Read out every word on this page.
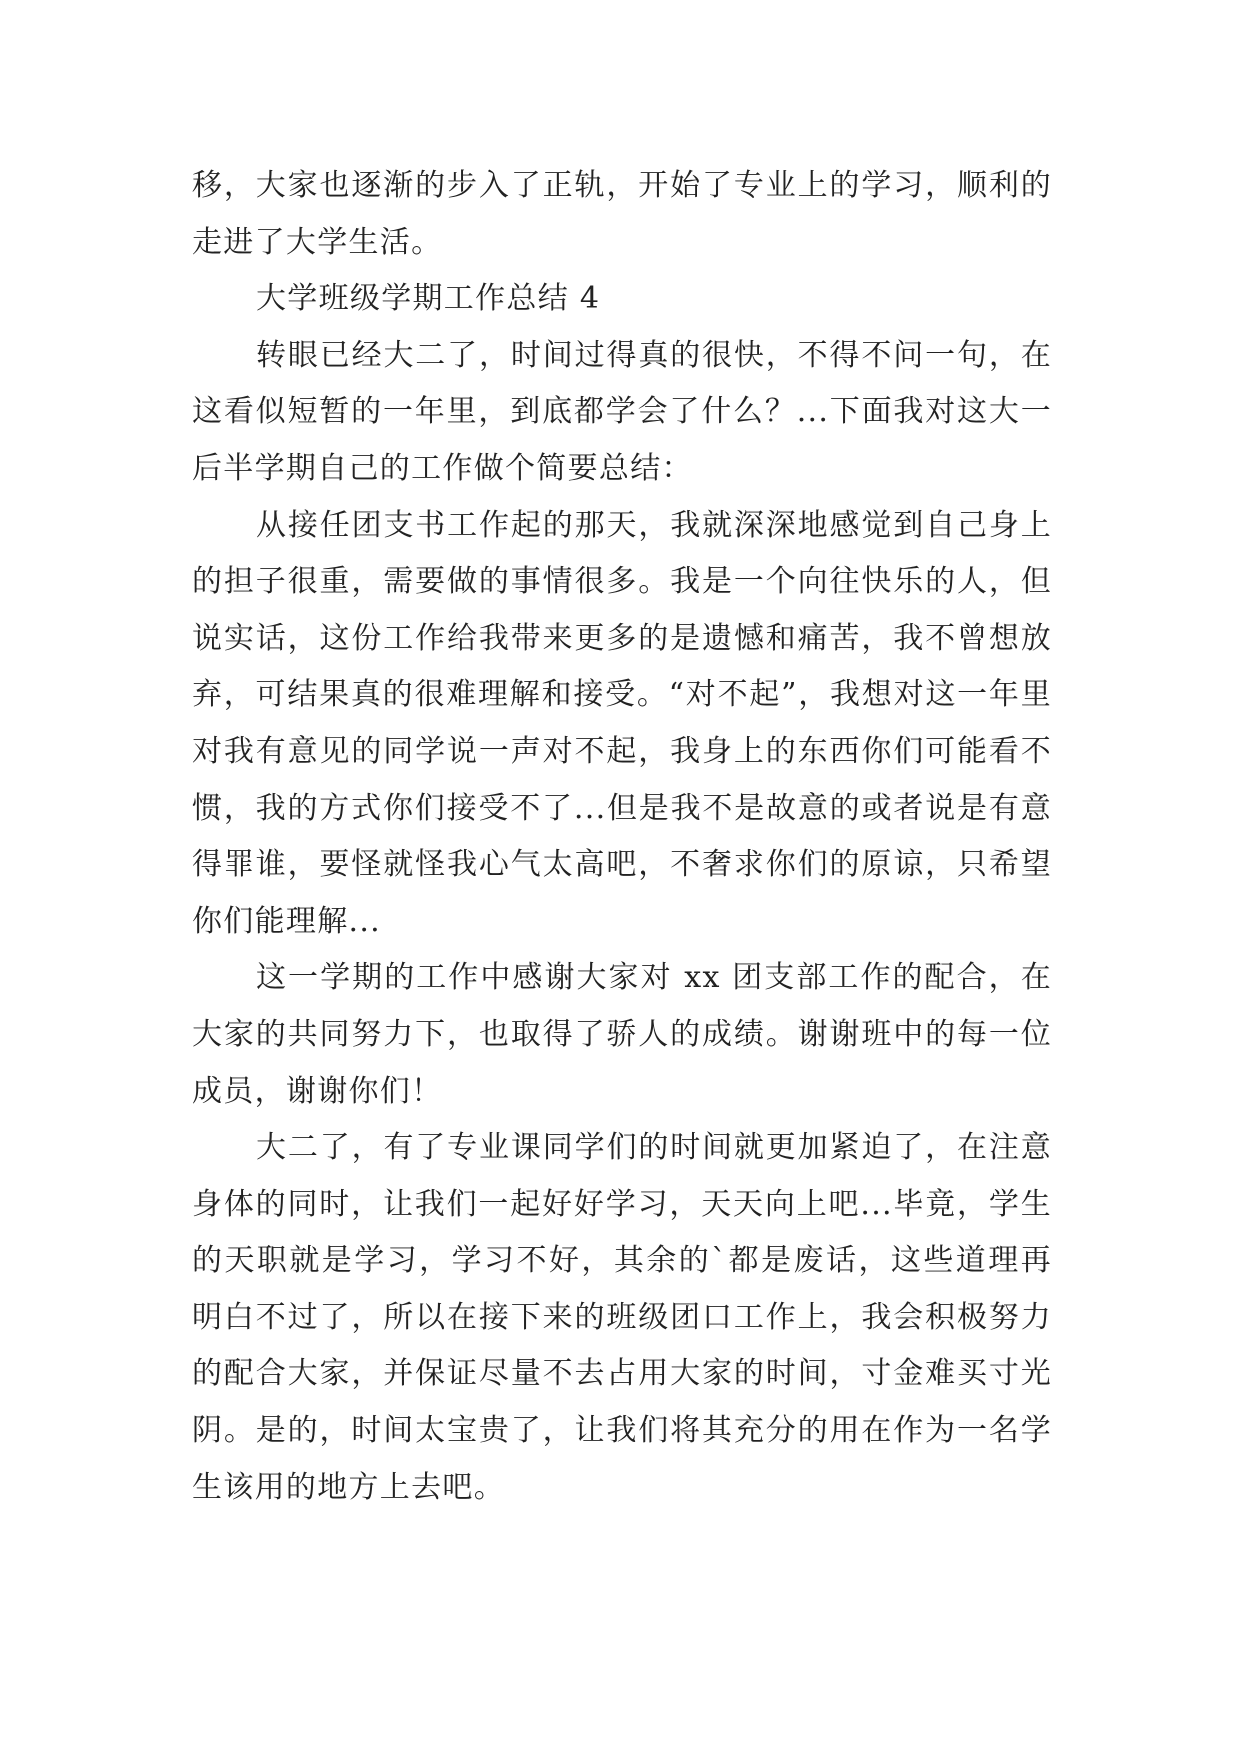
移，大家也逐渐的步入了正轨，开始了专业上的学习，顺利的走进了大学生活。

大学班级学期工作总结 4

转眼已经大二了，时间过得真的很快，不得不问一句，在这看似短暂的一年里，到底都学会了什么？...下面我对这大一后半学期自己的工作做个简要总结：

从接任团支书工作起的那天，我就深深地感觉到自己身上的担子很重，需要做的事情很多。我是一个向往快乐的人，但说实话，这份工作给我带来更多的是遗憾和痛苦，我不曾想放弃，可结果真的很难理解和接受。“对不起”，我想对这一年里对我有意见的同学说一声对不起，我身上的东西你们可能看不惯，我的方式你们接受不了...但是我不是故意的或者说是有意得罪谁，要怪就怪我心气太高吧，不奢求你们的原谅，只希望你们能理解...

这一学期的工作中感谢大家对 xx 团支部工作的配合，在大家的共同努力下，也取得了骄人的成绩。谢谢班中的每一位成员，谢谢你们！

大二了，有了专业课同学们的时间就更加紧迫了，在注意身体的同时，让我们一起好好学习，天天向上吧...毕竟，学生的天职就是学习，学习不好，其余的`都是废话，这些道理再明白不过了，所以在接下来的班级团口工作上，我会积极努力的配合大家，并保证尽量不去占用大家的时间，寸金难买寸光阴。是的，时间太宝贵了，让我们将其充分的用在作为一名学生该用的地方上去吧。
